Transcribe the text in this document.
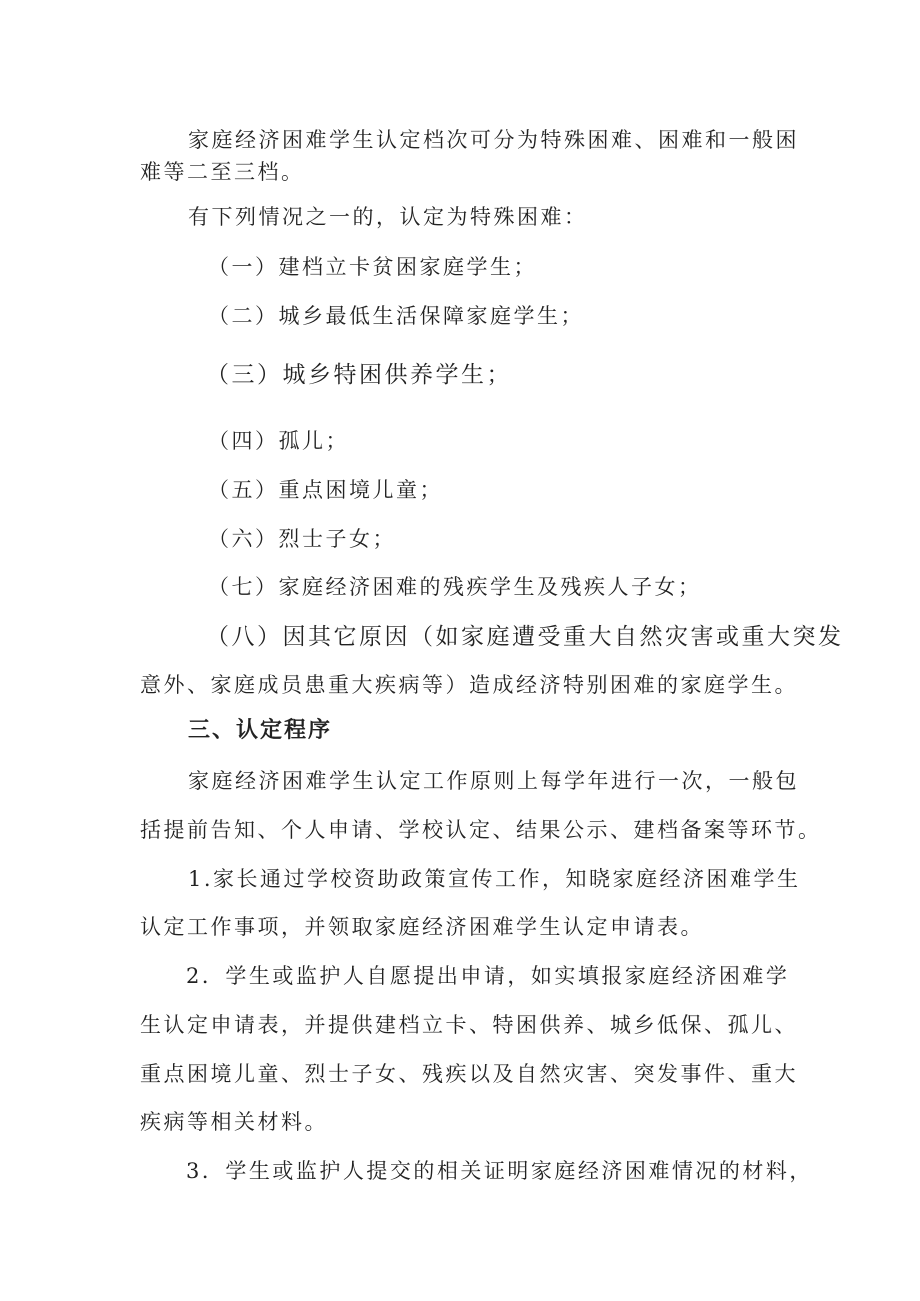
家庭经济困难学生认定档次可分为特殊困难、困难和一般困
难等二至三档。
有下列情况之一的，认定为特殊困难：
（一）建档立卡贫困家庭学生；
（二）城乡最低生活保障家庭学生；
（三）城乡特困供养学生；
（四）孤儿；
（五）重点困境儿童；
（六）烈士子女；
（七）家庭经济困难的残疾学生及残疾人子女；
（八）因其它原因（如家庭遭受重大自然灾害或重大突发
意外、家庭成员患重大疾病等）造成经济特别困难的家庭学生。
三、认定程序
家庭经济困难学生认定工作原则上每学年进行一次，一般包
括提前告知、个人申请、学校认定、结果公示、建档备案等环节。
1.家长通过学校资助政策宣传工作，知晓家庭经济困难学生
认定工作事项，并领取家庭经济困难学生认定申请表。
2．学生或监护人自愿提出申请，如实填报家庭经济困难学
生认定申请表，并提供建档立卡、特困供养、城乡低保、孤儿、
重点困境儿童、烈士子女、残疾以及自然灾害、突发事件、重大
疾病等相关材料。
3．学生或监护人提交的相关证明家庭经济困难情况的材料，
